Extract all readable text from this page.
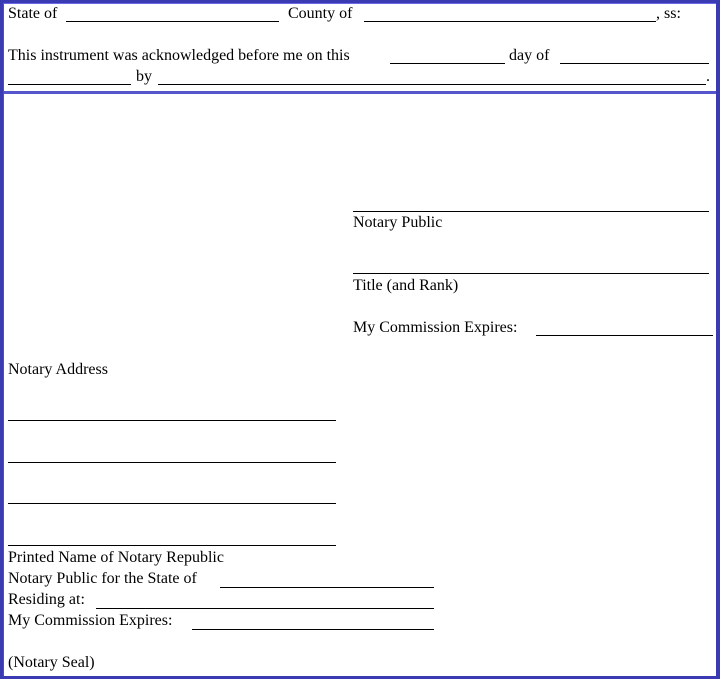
State of	County of	, ss:
This instrument was acknowledged before me on this	day of
by	.
Notary Public
Title (and Rank)
My Commission Expires:
Notary Address
Printed Name of Notary Republic
Notary Public for the State of
Residing at:
My Commission Expires:
(Notary Seal)
